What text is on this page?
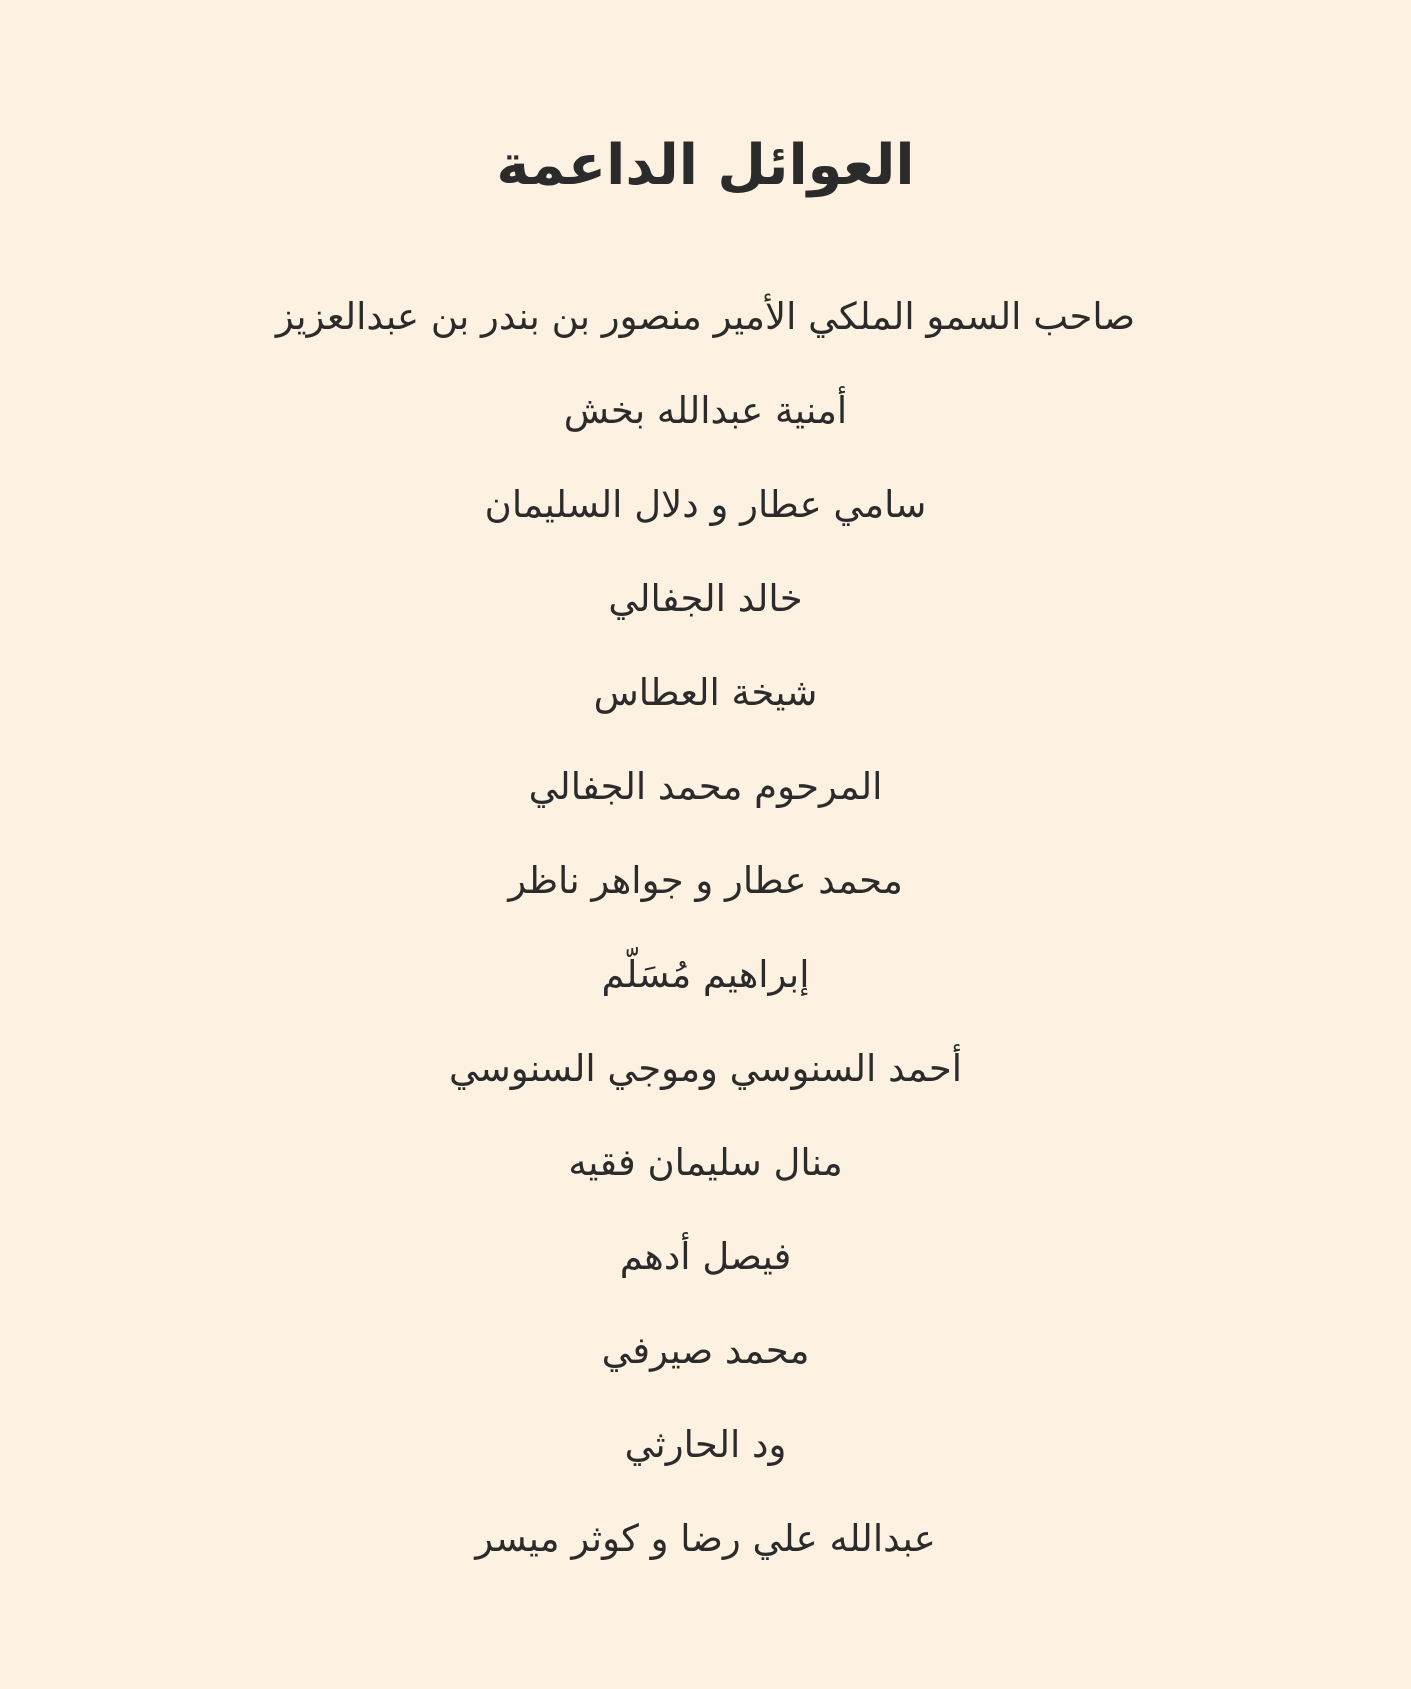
العوائل الداعمة
صاحب السمو الملكي الأمير منصور بن بندر بن عبدالعزيز
أمنية عبدالله بخش
سامي عطار و دلال السليمان
خالد الجفالي
شيخة العطاس
المرحوم محمد الجفالي
محمد عطار و جواهر ناظر
إبراهيم مُسَلّم
أحمد السنوسي وموجي السنوسي
منال سليمان فقيه
فيصل أدهم
محمد صيرفي
ود الحارثي
عبدالله علي رضا و كوثر ميسر
